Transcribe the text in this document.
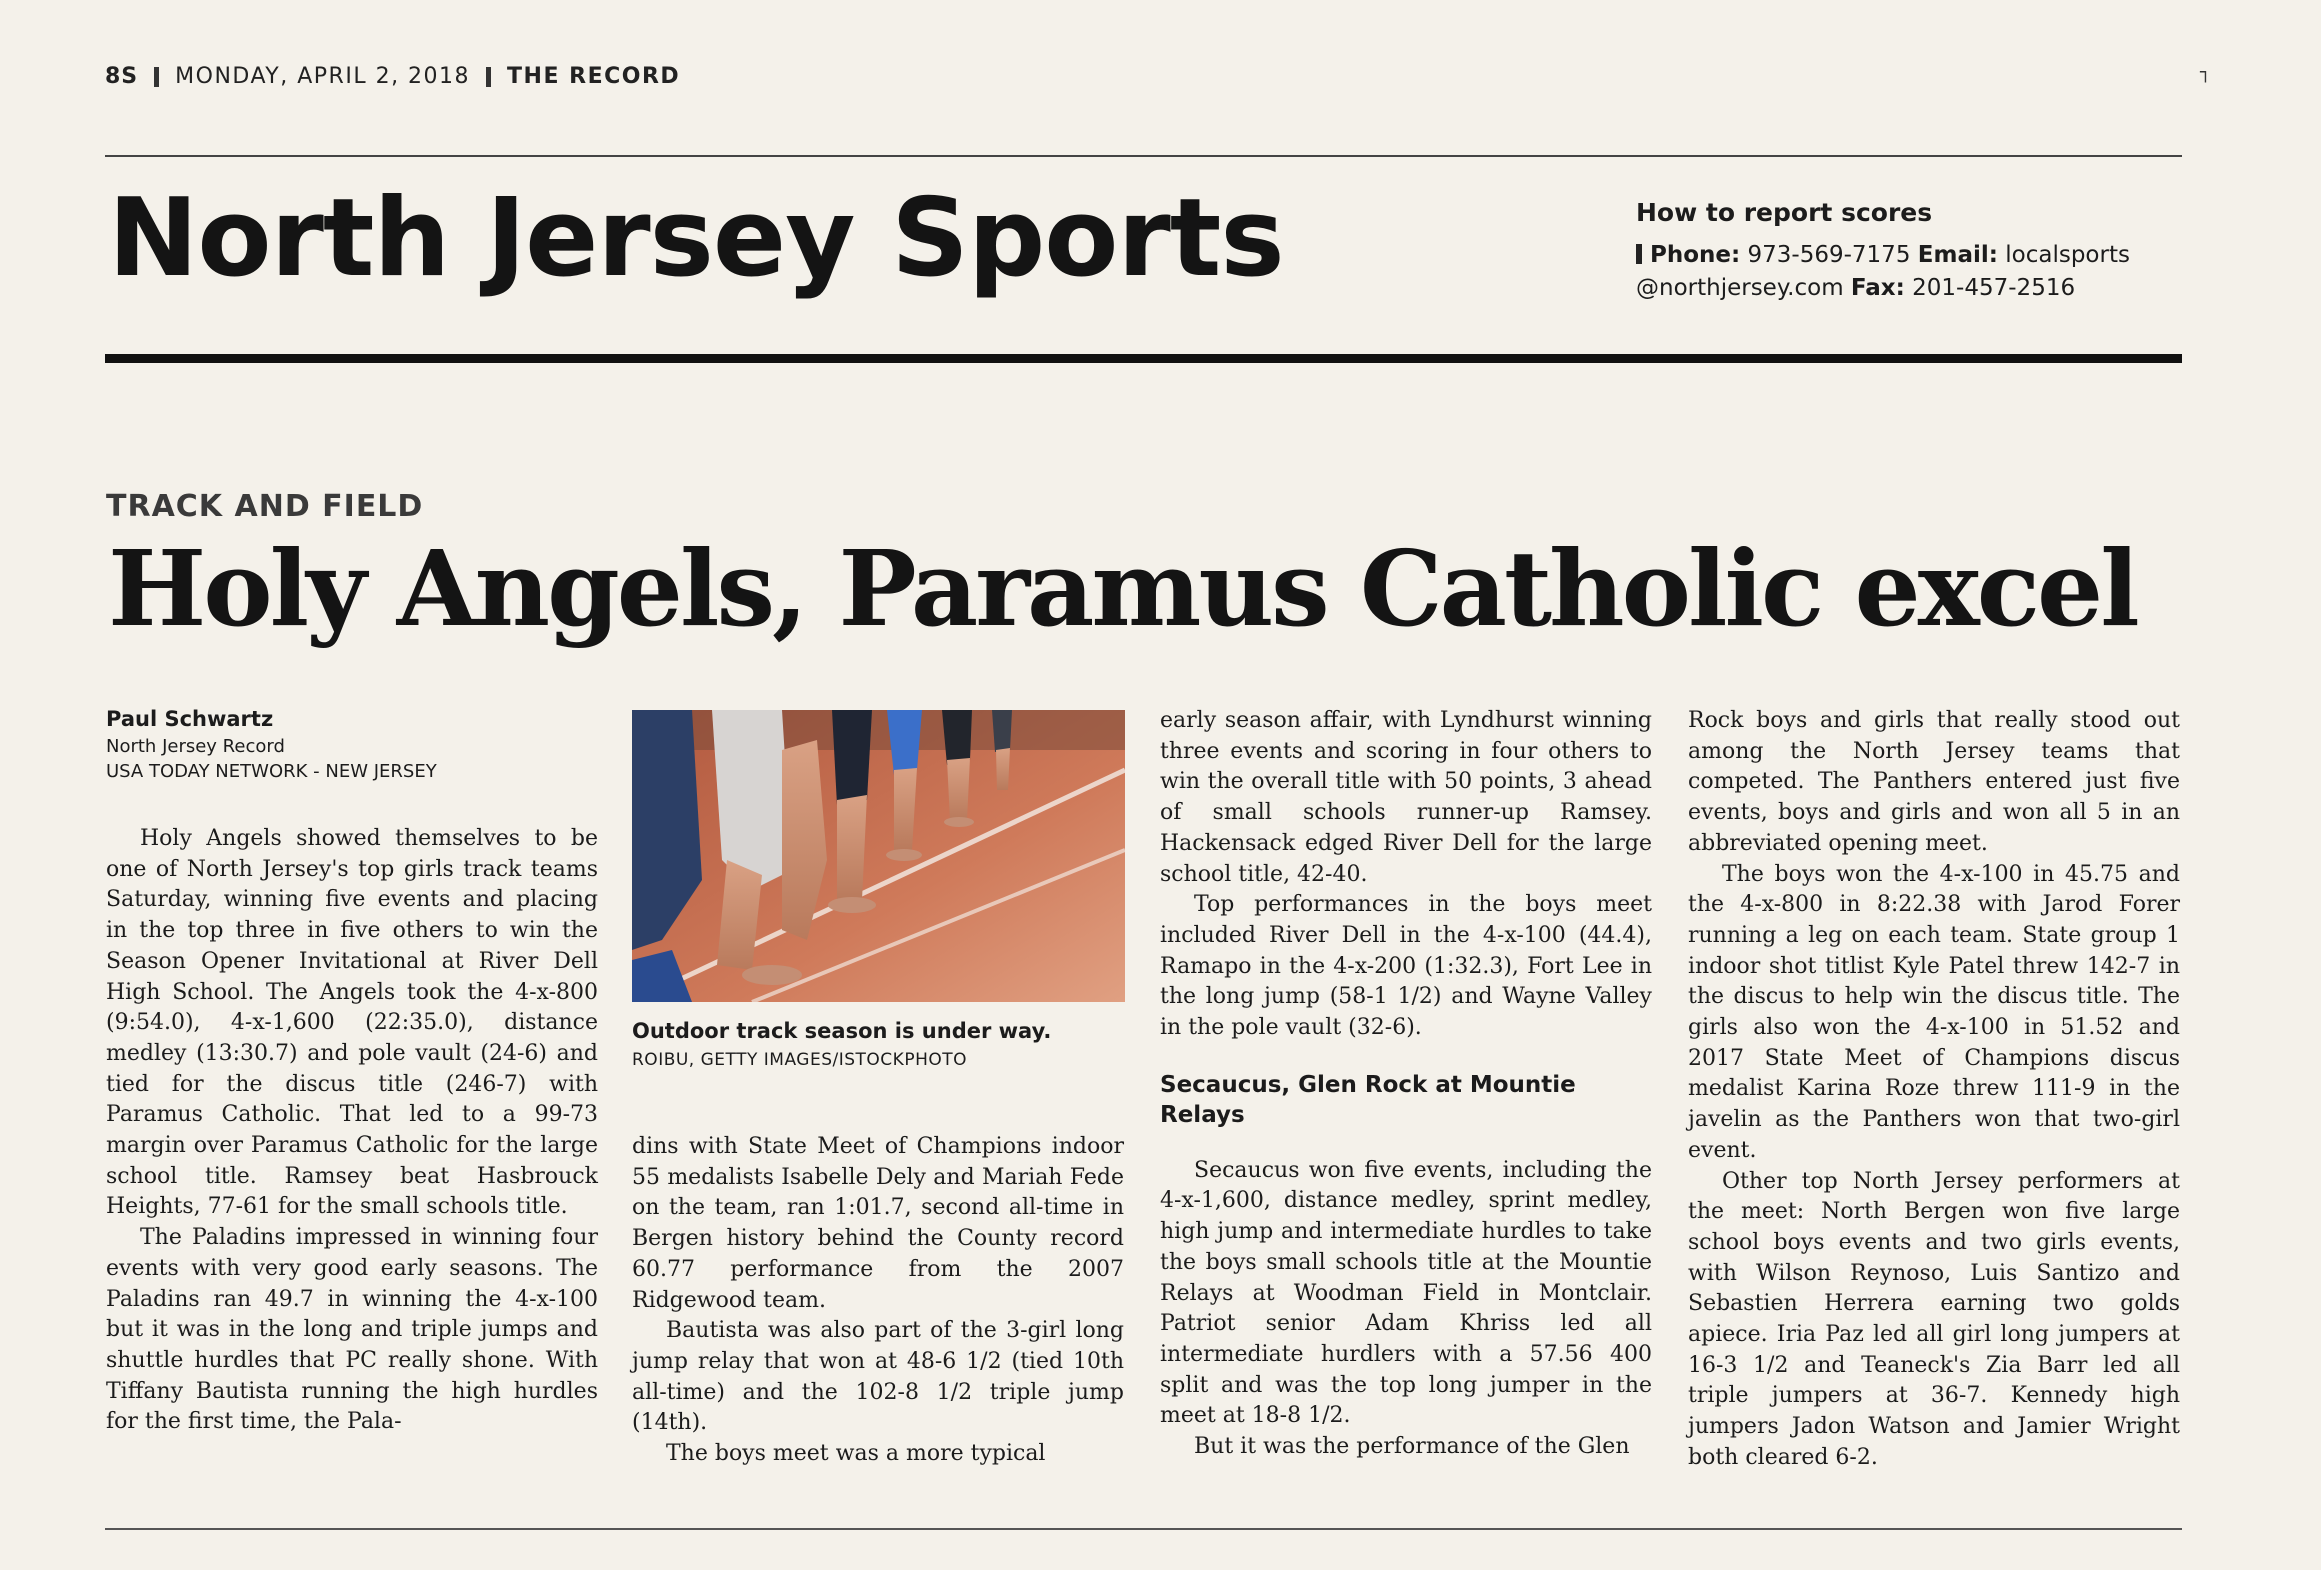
8S MONDAY, APRIL 2, 2018 THE RECORD	┐
North Jersey Sports	How to report scores
Phone: 973-569-7175 Email: localsports
@northjersey.com Fax: 201-457-2516
TRACK AND FIELD
Holy Angels, Paramus Catholic excel
Paul Schwartz
North Jersey Record
USA TODAY NETWORK - NEW JERSEY

Holy Angels showed themselves to be one of North Jersey's top girls track teams Saturday, winning five events and placing in the top three in five others to win the Season Opener Invitational at River Dell High School. The Angels took the 4-x-800 (9:54.0), 4-x-1,600 (22:35.0), distance medley (13:30.7) and pole vault (24-6) and tied for the discus title (246-7) with Paramus Catholic. That led to a 99-73 margin over Paramus Catholic for the large school title. Ramsey beat Hasbrouck Heights, 77-61 for the small schools title.

The Paladins impressed in winning four events with very good early seasons. The Paladins ran 49.7 in winning the 4-x-100 but it was in the long and triple jumps and shuttle hurdles that PC really shone. With Tiffany Bautista running the high hurdles for the first time, the Pala-

Outdoor track season is under way.
ROIBU, GETTY IMAGES/ISTOCKPHOTO

dins with State Meet of Champions indoor 55 medalists Isabelle Dely and Mariah Fede on the team, ran 1:01.7, second all-time in Bergen history behind the County record 60.77 performance from the 2007 Ridgewood team.

Bautista was also part of the 3-girl long jump relay that won at 48-6 1/2 (tied 10th all-time) and the 102-8 1/2 triple jump (14th).

The boys meet was a more typical

early season affair, with Lyndhurst winning three events and scoring in four others to win the overall title with 50 points, 3 ahead of small schools runner-up Ramsey. Hackensack edged River Dell for the large school title, 42-40.

Top performances in the boys meet included River Dell in the 4-x-100 (44.4), Ramapo in the 4-x-200 (1:32.3), Fort Lee in the long jump (58-1 1/2) and Wayne Valley in the pole vault (32-6).

Secaucus, Glen Rock at Mountie Relays

Secaucus won five events, including the 4-x-1,600, distance medley, sprint medley, high jump and intermediate hurdles to take the boys small schools title at the Mountie Relays at Woodman Field in Montclair. Patriot senior Adam Khriss led all intermediate hurdlers with a 57.56 400 split and was the top long jumper in the meet at 18-8 1/2.

But it was the performance of the Glen

Rock boys and girls that really stood out among the North Jersey teams that competed. The Panthers entered just five events, boys and girls and won all 5 in an abbreviated opening meet.

The boys won the 4-x-100 in 45.75 and the 4-x-800 in 8:22.38 with Jarod Forer running a leg on each team. State group 1 indoor shot titlist Kyle Patel threw 142-7 in the discus to help win the discus title. The girls also won the 4-x-100 in 51.52 and 2017 State Meet of Champions discus medalist Karina Roze threw 111-9 in the javelin as the Panthers won that two-girl event.

Other top North Jersey performers at the meet: North Bergen won five large school boys events and two girls events, with Wilson Reynoso, Luis Santizo and Sebastien Herrera earning two golds apiece. Iria Paz led all girl long jumpers at 16-3 1/2 and Teaneck's Zia Barr led all triple jumpers at 36-7. Kennedy high jumpers Jadon Watson and Jamier Wright both cleared 6-2.
